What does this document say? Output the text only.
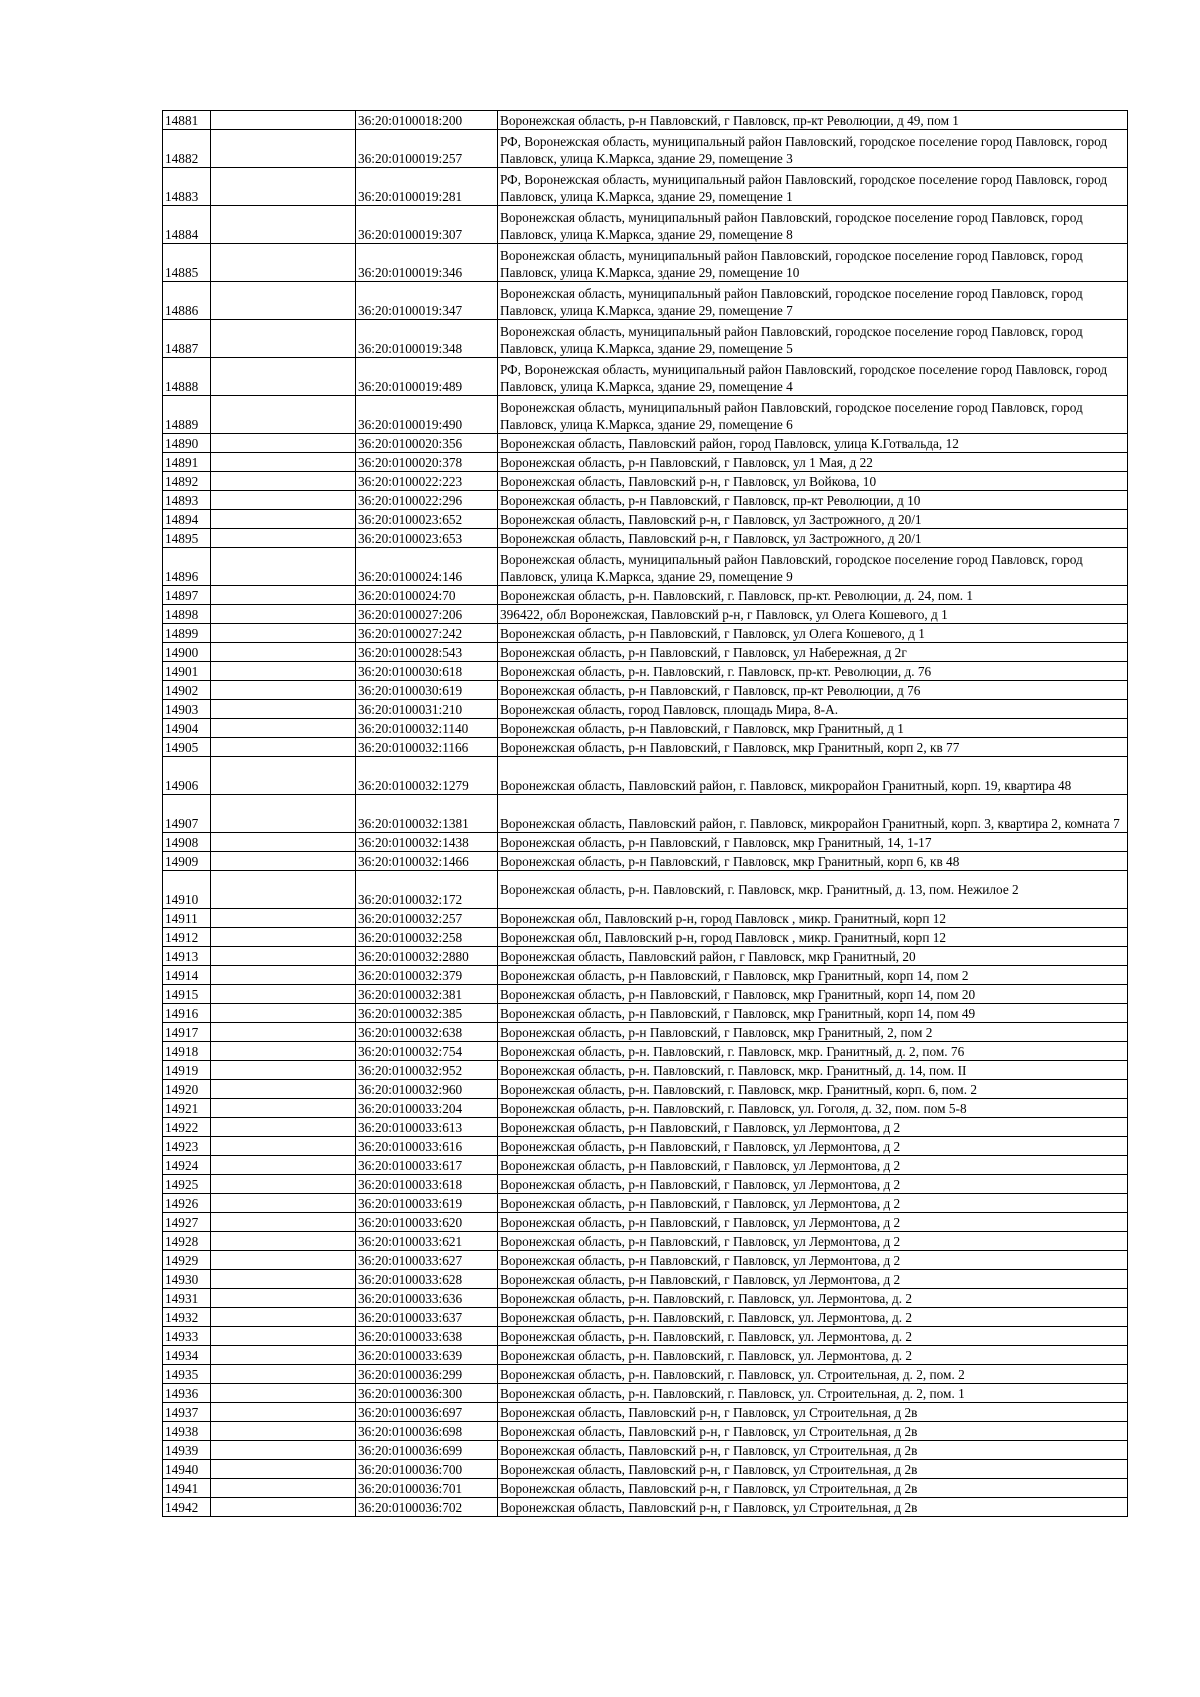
14881		36:20:0100018:200	Воронежская область, р-н Павловский, г Павловск, пр-кт Революции, д 49, пом 1
14882		36:20:0100019:257	РФ, Воронежская область, муниципальный район Павловский, городское поселение город Павловск, город Павловск, улица К.Маркса, здание 29, помещение 3
14883		36:20:0100019:281	РФ, Воронежская область, муниципальный район Павловский, городское поселение город Павловск, город Павловск, улица К.Маркса, здание 29, помещение 1
14884		36:20:0100019:307	Воронежская область, муниципальный район Павловский, городское поселение город Павловск, город Павловск, улица К.Маркса, здание 29, помещение 8
14885		36:20:0100019:346	Воронежская область, муниципальный район Павловский, городское поселение город Павловск, город Павловск, улица К.Маркса, здание 29, помещение 10
14886		36:20:0100019:347	Воронежская область, муниципальный район Павловский, городское поселение город Павловск, город Павловск, улица К.Маркса, здание 29, помещение 7
14887		36:20:0100019:348	Воронежская область, муниципальный район Павловский, городское поселение город Павловск, город Павловск, улица К.Маркса, здание 29, помещение 5
14888		36:20:0100019:489	РФ, Воронежская область, муниципальный район Павловский, городское поселение город Павловск, город Павловск, улица К.Маркса, здание 29, помещение 4
14889		36:20:0100019:490	Воронежская область, муниципальный район Павловский, городское поселение город Павловск, город Павловск, улица К.Маркса, здание 29, помещение 6
14890		36:20:0100020:356	Воронежская область, Павловский район, город Павловск, улица К.Готвальда, 12
14891		36:20:0100020:378	Воронежская область, р-н Павловский, г Павловск, ул 1 Мая, д 22
14892		36:20:0100022:223	Воронежская область, Павловский р-н, г Павловск, ул Войкова, 10
14893		36:20:0100022:296	Воронежская область, р-н Павловский, г Павловск, пр-кт Революции, д 10
14894		36:20:0100023:652	Воронежская область, Павловский р-н, г Павловск, ул Застрожного, д 20/1
14895		36:20:0100023:653	Воронежская область, Павловский р-н, г Павловск, ул Застрожного, д 20/1
14896		36:20:0100024:146	Воронежская область, муниципальный район Павловский, городское поселение город Павловск, город Павловск, улица К.Маркса, здание 29, помещение 9
14897		36:20:0100024:70	Воронежская область, р-н. Павловский, г. Павловск, пр-кт. Революции, д. 24, пом. 1
14898		36:20:0100027:206	396422, обл Воронежская, Павловский р-н, г Павловск, ул Олега Кошевого, д 1
14899		36:20:0100027:242	Воронежская область, р-н Павловский, г Павловск, ул Олега Кошевого, д 1
14900		36:20:0100028:543	Воронежская область, р-н Павловский, г Павловск, ул Набережная, д 2г
14901		36:20:0100030:618	Воронежская область, р-н. Павловский, г. Павловск, пр-кт. Революции, д. 76
14902		36:20:0100030:619	Воронежская область, р-н Павловский, г Павловск, пр-кт Революции, д 76
14903		36:20:0100031:210	Воронежская область, город Павловск, площадь Мира, 8-А.
14904		36:20:0100032:1140	Воронежская область, р-н Павловский, г Павловск, мкр Гранитный, д 1
14905		36:20:0100032:1166	Воронежская область, р-н Павловский, г Павловск, мкр Гранитный, корп 2, кв 77
14906		36:20:0100032:1279	Воронежская область, Павловский район, г. Павловск, микрорайон Гранитный, корп. 19, квартира 48
14907		36:20:0100032:1381	Воронежская область, Павловский район, г. Павловск, микрорайон Гранитный, корп. 3, квартира 2, комната 7
14908		36:20:0100032:1438	Воронежская область, р-н Павловский, г Павловск, мкр Гранитный, 14, 1-17
14909		36:20:0100032:1466	Воронежская область, р-н Павловский, г Павловск, мкр Гранитный, корп 6, кв 48
14910		36:20:0100032:172	Воронежская область, р-н. Павловский, г. Павловск, мкр. Гранитный, д. 13, пом. Нежилое 2
14911		36:20:0100032:257	Воронежская обл, Павловский р-н, город Павловск , микр. Гранитный, корп 12
14912		36:20:0100032:258	Воронежская обл, Павловский р-н, город Павловск , микр. Гранитный, корп 12
14913		36:20:0100032:2880	Воронежская область, Павловский район, г Павловск, мкр Гранитный, 20
14914		36:20:0100032:379	Воронежская область, р-н Павловский, г Павловск, мкр Гранитный, корп 14, пом 2
14915		36:20:0100032:381	Воронежская область, р-н Павловский, г Павловск, мкр Гранитный, корп 14, пом 20
14916		36:20:0100032:385	Воронежская область, р-н Павловский, г Павловск, мкр Гранитный, корп 14, пом 49
14917		36:20:0100032:638	Воронежская область, р-н Павловский, г Павловск, мкр Гранитный, 2, пом 2
14918		36:20:0100032:754	Воронежская область, р-н. Павловский, г. Павловск, мкр. Гранитный, д. 2, пом. 76
14919		36:20:0100032:952	Воронежская область, р-н. Павловский, г. Павловск, мкр. Гранитный, д. 14, пом. II
14920		36:20:0100032:960	Воронежская область, р-н. Павловский, г. Павловск, мкр. Гранитный, корп. 6, пом. 2
14921		36:20:0100033:204	Воронежская область, р-н. Павловский, г. Павловск, ул. Гоголя, д. 32, пом. пом 5-8
14922		36:20:0100033:613	Воронежская область, р-н Павловский, г Павловск, ул Лермонтова, д 2
14923		36:20:0100033:616	Воронежская область, р-н Павловский, г Павловск, ул Лермонтова, д 2
14924		36:20:0100033:617	Воронежская область, р-н Павловский, г Павловск, ул Лермонтова, д 2
14925		36:20:0100033:618	Воронежская область, р-н Павловский, г Павловск, ул Лермонтова, д 2
14926		36:20:0100033:619	Воронежская область, р-н Павловский, г Павловск, ул Лермонтова, д 2
14927		36:20:0100033:620	Воронежская область, р-н Павловский, г Павловск, ул Лермонтова, д 2
14928		36:20:0100033:621	Воронежская область, р-н Павловский, г Павловск, ул Лермонтова, д 2
14929		36:20:0100033:627	Воронежская область, р-н Павловский, г Павловск, ул Лермонтова, д 2
14930		36:20:0100033:628	Воронежская область, р-н Павловский, г Павловск, ул Лермонтова, д 2
14931		36:20:0100033:636	Воронежская область, р-н. Павловский, г. Павловск, ул. Лермонтова, д. 2
14932		36:20:0100033:637	Воронежская область, р-н. Павловский, г. Павловск, ул. Лермонтова, д. 2
14933		36:20:0100033:638	Воронежская область, р-н. Павловский, г. Павловск, ул. Лермонтова, д. 2
14934		36:20:0100033:639	Воронежская область, р-н. Павловский, г. Павловск, ул. Лермонтова, д. 2
14935		36:20:0100036:299	Воронежская область, р-н. Павловский, г. Павловск, ул. Строительная, д. 2, пом. 2
14936		36:20:0100036:300	Воронежская область, р-н. Павловский, г. Павловск, ул. Строительная, д. 2, пом. 1
14937		36:20:0100036:697	Воронежская область, Павловский р-н, г Павловск, ул Строительная, д 2в
14938		36:20:0100036:698	Воронежская область, Павловский р-н, г Павловск, ул Строительная, д 2в
14939		36:20:0100036:699	Воронежская область, Павловский р-н, г Павловск, ул Строительная, д 2в
14940		36:20:0100036:700	Воронежская область, Павловский р-н, г Павловск, ул Строительная, д 2в
14941		36:20:0100036:701	Воронежская область, Павловский р-н, г Павловск, ул Строительная, д 2в
14942		36:20:0100036:702	Воронежская область, Павловский р-н, г Павловск, ул Строительная, д 2в
